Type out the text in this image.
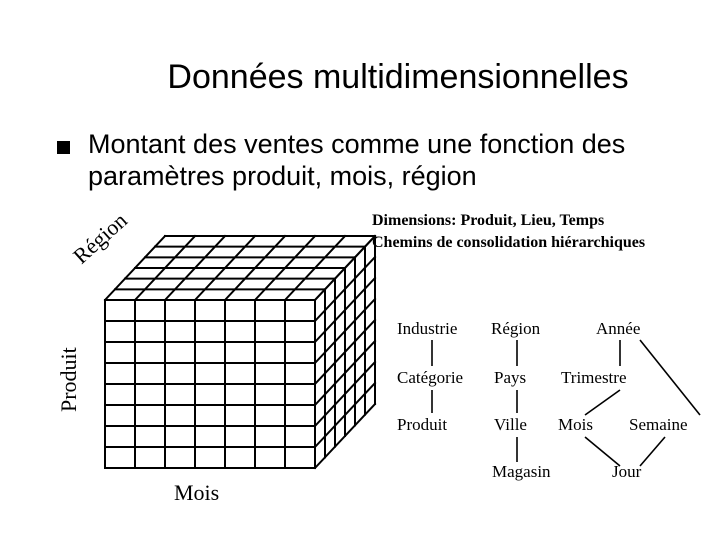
Données multidimensionnelles
Montant des ventes comme une fonction des
paramètres produit, mois, région
Région
Produit
Mois
Dimensions: Produit, Lieu, Temps
Chemins de consolidation hiérarchiques
Industrie Région	Année
Catégorie Pays Trimestre
Produit	Ville Mois Semaine
Magasin	Jour
